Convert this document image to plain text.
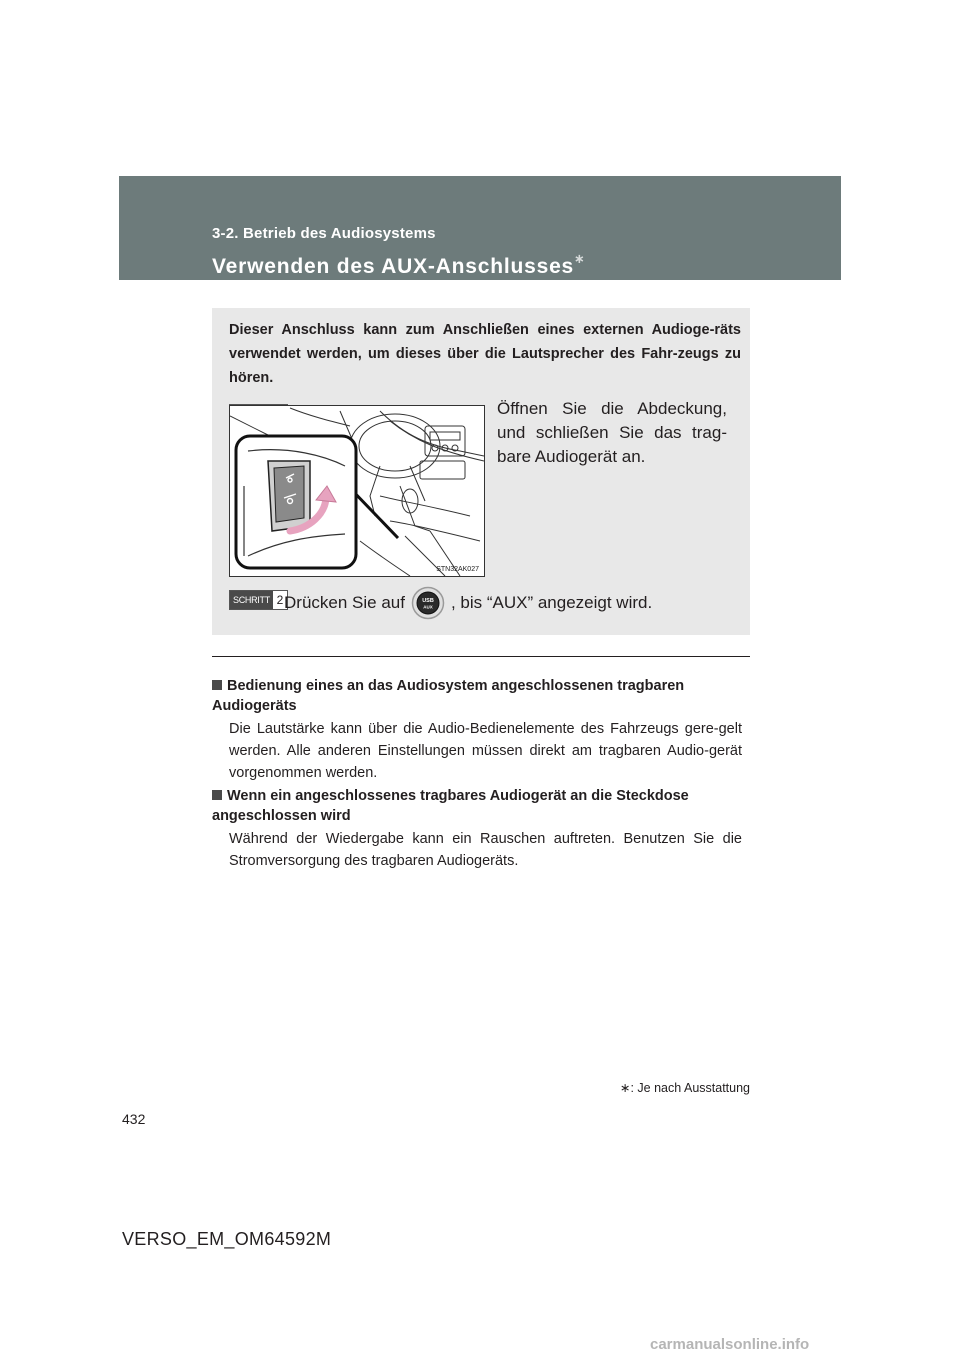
3-2. Betrieb des Audiosystems
Verwenden des AUX-Anschlusses∗

Dieser Anschluss kann zum Anschließen eines externen Audioge-räts verwendet werden, um dieses über die Lautsprecher des Fahr-zeugs zu hören.

STN32AK027

Öffnen Sie die Abdeckung, und schließen Sie das trag-bare Audiogerät an.

SCHRITT 2 Drücken Sie auf	USB
AUX , bis “AUX” angezeigt wird.
Bedienung eines an das Audiosystem angeschlossenen tragbaren Audiogeräts

Die Lautstärke kann über die Audio-Bedienelemente des Fahrzeugs gere-gelt werden. Alle anderen Einstellungen müssen direkt am tragbaren Audio-gerät vorgenommen werden.

Wenn ein angeschlossenes tragbares Audiogerät an die Steckdose angeschlossen wird

Während der Wiedergabe kann ein Rauschen auftreten. Benutzen Sie die Stromversorgung des tragbaren Audiogeräts.

∗: Je nach Ausstattung
432
VERSO_EM_OM64592M
carmanualsonline.info
